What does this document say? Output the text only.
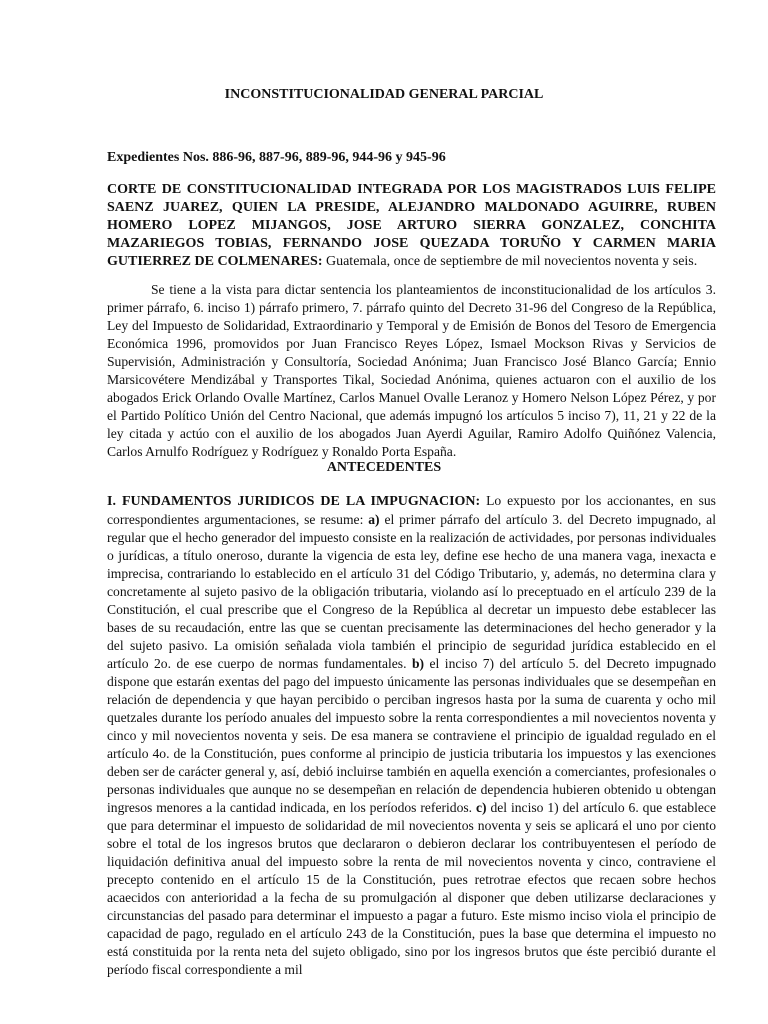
INCONSTITUCIONALIDAD GENERAL PARCIAL
Expedientes Nos. 886-96, 887-96, 889-96, 944-96 y 945-96
CORTE DE CONSTITUCIONALIDAD INTEGRADA POR LOS MAGISTRADOS LUIS FELIPE SAENZ JUAREZ, QUIEN LA PRESIDE, ALEJANDRO MALDONADO AGUIRRE, RUBEN HOMERO LOPEZ MIJANGOS, JOSE ARTURO SIERRA GONZALEZ, CONCHITA MAZARIEGOS TOBIAS, FERNANDO JOSE QUEZADA TORUÑO Y CARMEN MARIA GUTIERREZ DE COLMENARES: Guatemala, once de septiembre de mil novecientos noventa y seis.
Se tiene a la vista para dictar sentencia los planteamientos de inconstitucionalidad de los artículos 3. primer párrafo, 6. inciso 1) párrafo primero, 7. párrafo quinto del Decreto 31-96 del Congreso de la República, Ley del Impuesto de Solidaridad, Extraordinario y Temporal y de Emisión de Bonos del Tesoro de Emergencia Económica 1996, promovidos por Juan Francisco Reyes López, Ismael Mockson Rivas y Servicios de Supervisión, Administración y Consultoría, Sociedad Anónima; Juan Francisco José Blanco García; Ennio Marsicovétere Mendizábal y Transportes Tikal, Sociedad Anónima, quienes actuaron con el auxilio de los abogados Erick Orlando Ovalle Martínez, Carlos Manuel Ovalle Leranoz y Homero Nelson López Pérez, y por el Partido Político Unión del Centro Nacional, que además impugnó los artículos 5 inciso 7), 11, 21 y 22 de la ley citada y actúo con el auxilio de los abogados Juan Ayerdi Aguilar, Ramiro Adolfo Quiñónez Valencia, Carlos Arnulfo Rodríguez y Rodríguez y Ronaldo Porta España.
ANTECEDENTES
I. FUNDAMENTOS JURIDICOS DE LA IMPUGNACION: Lo expuesto por los accionantes, en sus correspondientes argumentaciones, se resume: a) el primer párrafo del artículo 3. del Decreto impugnado, al regular que el hecho generador del impuesto consiste en la realización de actividades, por personas individuales o jurídicas, a título oneroso, durante la vigencia de esta ley, define ese hecho de una manera vaga, inexacta e imprecisa, contrariando lo establecido en el artículo 31 del Código Tributario, y, además, no determina clara y concretamente al sujeto pasivo de la obligación tributaria, violando así lo preceptuado en el artículo 239 de la Constitución, el cual prescribe que el Congreso de la República al decretar un impuesto debe establecer las bases de su recaudación, entre las que se cuentan precisamente las determinaciones del hecho generador y la del sujeto pasivo. La omisión señalada viola también el principio de seguridad jurídica establecido en el artículo 2o. de ese cuerpo de normas fundamentales. b) el inciso 7) del artículo 5. del Decreto impugnado dispone que estarán exentas del pago del impuesto únicamente las personas individuales que se desempeñan en relación de dependencia y que hayan percibido o perciban ingresos hasta por la suma de cuarenta y ocho mil quetzales durante los período anuales del impuesto sobre la renta correspondientes a mil novecientos noventa y cinco y mil novecientos noventa y seis. De esa manera se contraviene el principio de igualdad regulado en el artículo 4o. de la Constitución, pues conforme al principio de justicia tributaria los impuestos y las exenciones deben ser de carácter general y, así, debió incluirse también en aquella exención a comerciantes, profesionales o personas individuales que aunque no se desempeñan en relación de dependencia hubieren obtenido u obtengan ingresos menores a la cantidad indicada, en los períodos referidos. c) del inciso 1) del artículo 6. que establece que para determinar el impuesto de solidaridad de mil novecientos noventa y seis se aplicará el uno por ciento sobre el total de los ingresos brutos que declararon o debieron declarar los contribuyentesen el período de liquidación definitiva anual del impuesto sobre la renta de mil novecientos noventa y cinco, contraviene el precepto contenido en el artículo 15 de la Constitución, pues retrotrae efectos que recaen sobre hechos acaecidos con anterioridad a la fecha de su promulgación al disponer que deben utilizarse declaraciones y circunstancias del pasado para determinar el impuesto a pagar a futuro. Este mismo inciso viola el principio de capacidad de pago, regulado en el artículo 243 de la Constitución, pues la base que determina el impuesto no está constituida por la renta neta del sujeto obligado, sino por los ingresos brutos que éste percibió durante el período fiscal correspondiente a mil
